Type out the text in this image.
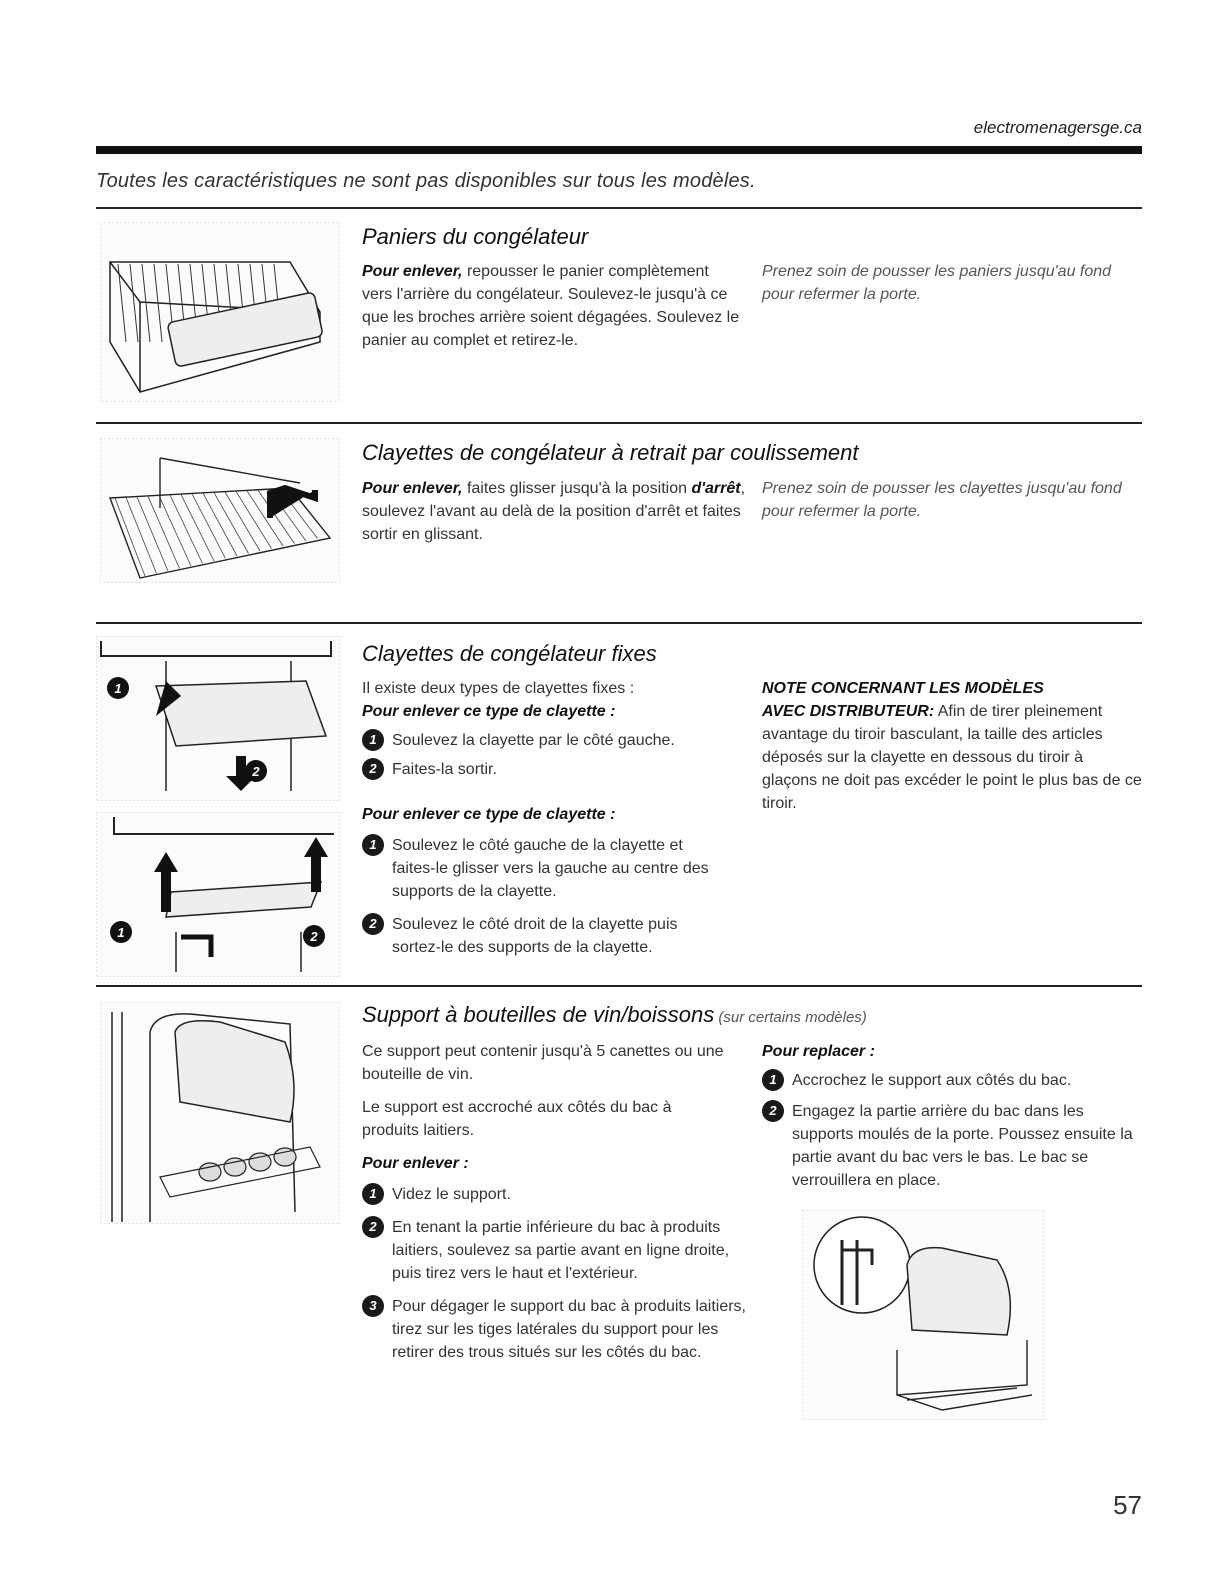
electromenagersge.ca
Toutes les caractéristiques ne sont pas disponibles sur tous les modèles.
Paniers du congélateur
Pour enlever, repousser le panier complètement vers l'arrière du congélateur. Soulevez-le jusqu'à ce que les broches arrière soient dégagées. Soulevez le panier au complet et retirez-le.
Prenez soin de pousser les paniers jusqu'au fond pour refermer la porte.
Clayettes de congélateur à retrait par coulissement
Pour enlever, faites glisser jusqu'à la position d'arrêt, soulevez l'avant au delà de la position d'arrêt et faites sortir en glissant.
Prenez soin de pousser les clayettes jusqu'au fond pour refermer la porte.
1
2
1	2
Clayettes de congélateur fixes
Il existe deux types de clayettes fixes :
Pour enlever ce type de clayette :
1 Soulevez la clayette par le côté gauche.
2 Faites-la sortir.
Pour enlever ce type de clayette :
1 Soulevez le côté gauche de la clayette et faites-le glisser vers la gauche au centre des supports de la clayette.
2 Soulevez le côté droit de la clayette puis sortez-le des supports de la clayette.
NOTE CONCERNANT LES MODÈLES
AVEC DISTRIBUTEUR: Afin de tirer pleinement avantage du tiroir basculant, la taille des articles déposés sur la clayette en dessous du tiroir à glaçons ne doit pas excéder le point le plus bas de ce tiroir.
Support à bouteilles de vin/boissons (sur certains modèles)
Ce support peut contenir jusqu'à 5 canettes ou une bouteille de vin.
Le support est accroché aux côtés du bac à produits laitiers.
Pour enlever :
1 Videz le support.
2 En tenant la partie inférieure du bac à produits laitiers, soulevez sa partie avant en ligne droite, puis tirez vers le haut et l'extérieur.
3 Pour dégager le support du bac à produits laitiers, tirez sur les tiges latérales du support pour les retirer des trous situés sur les côtés du bac.
Pour replacer :
1 Accrochez le support aux côtés du bac.
2 Engagez la partie arrière du bac dans les supports moulés de la porte. Poussez ensuite la partie avant du bac vers le bas. Le bac se verrouillera en place.
57
